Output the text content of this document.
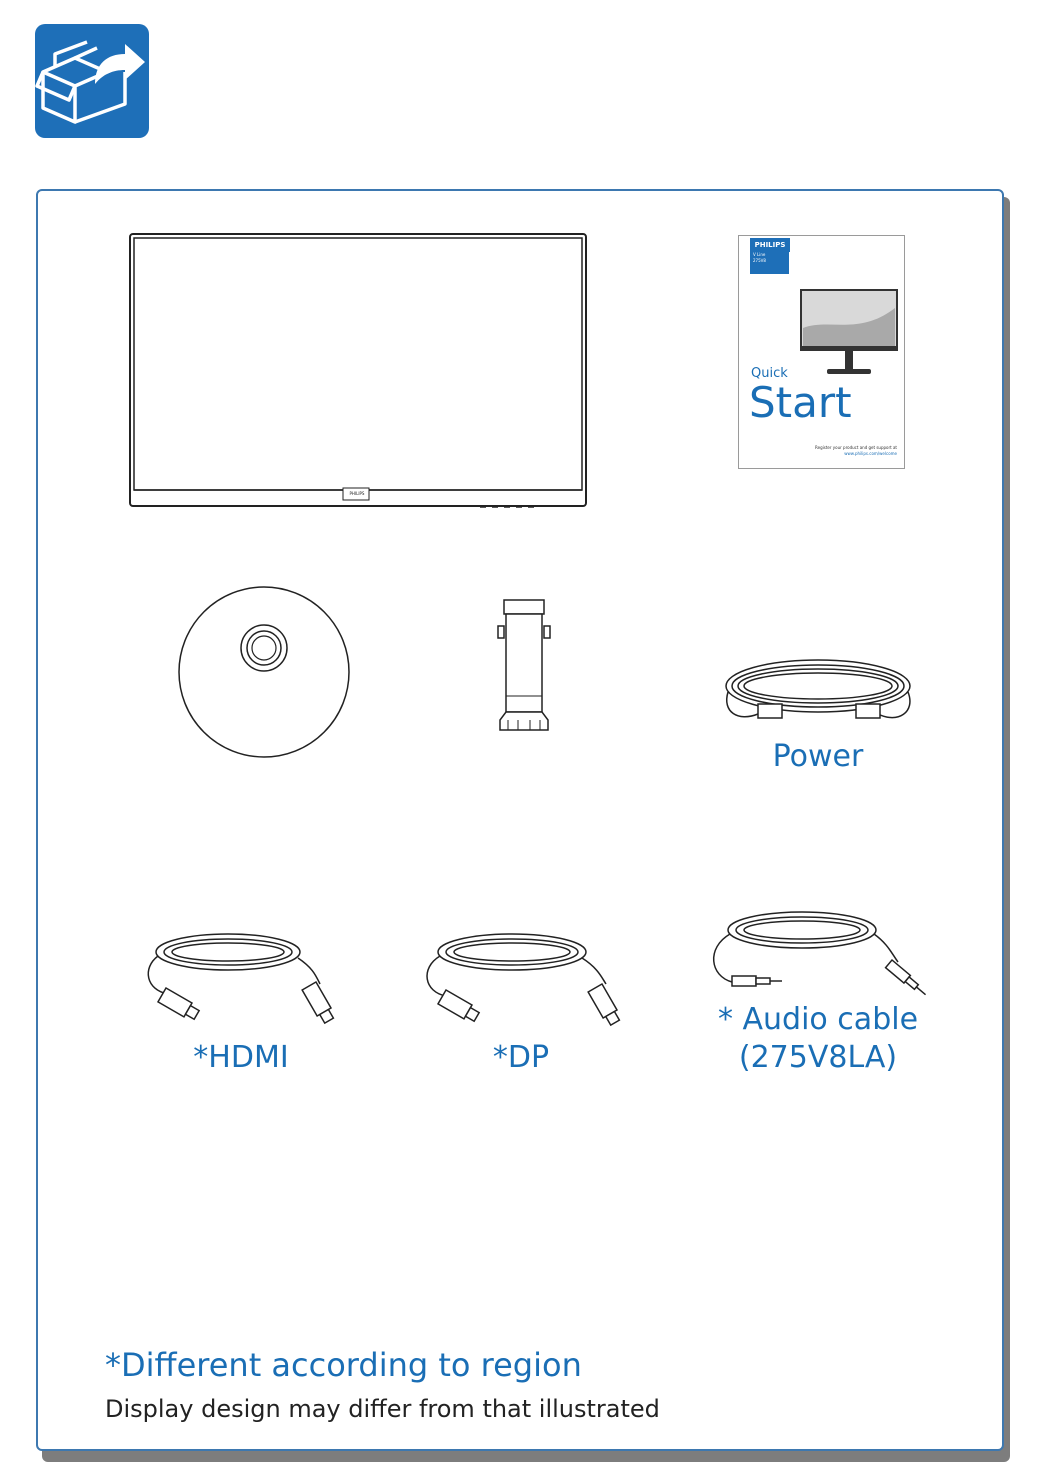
PHILIPS
PHILIPS
V Line
275V8
Quick
Start
Register your product and get support at
www.philips.com/welcome
Power
*HDMI	*DP
* Audio cable
(275V8LA)
*Different according to region
Display design may differ from that illustrated
